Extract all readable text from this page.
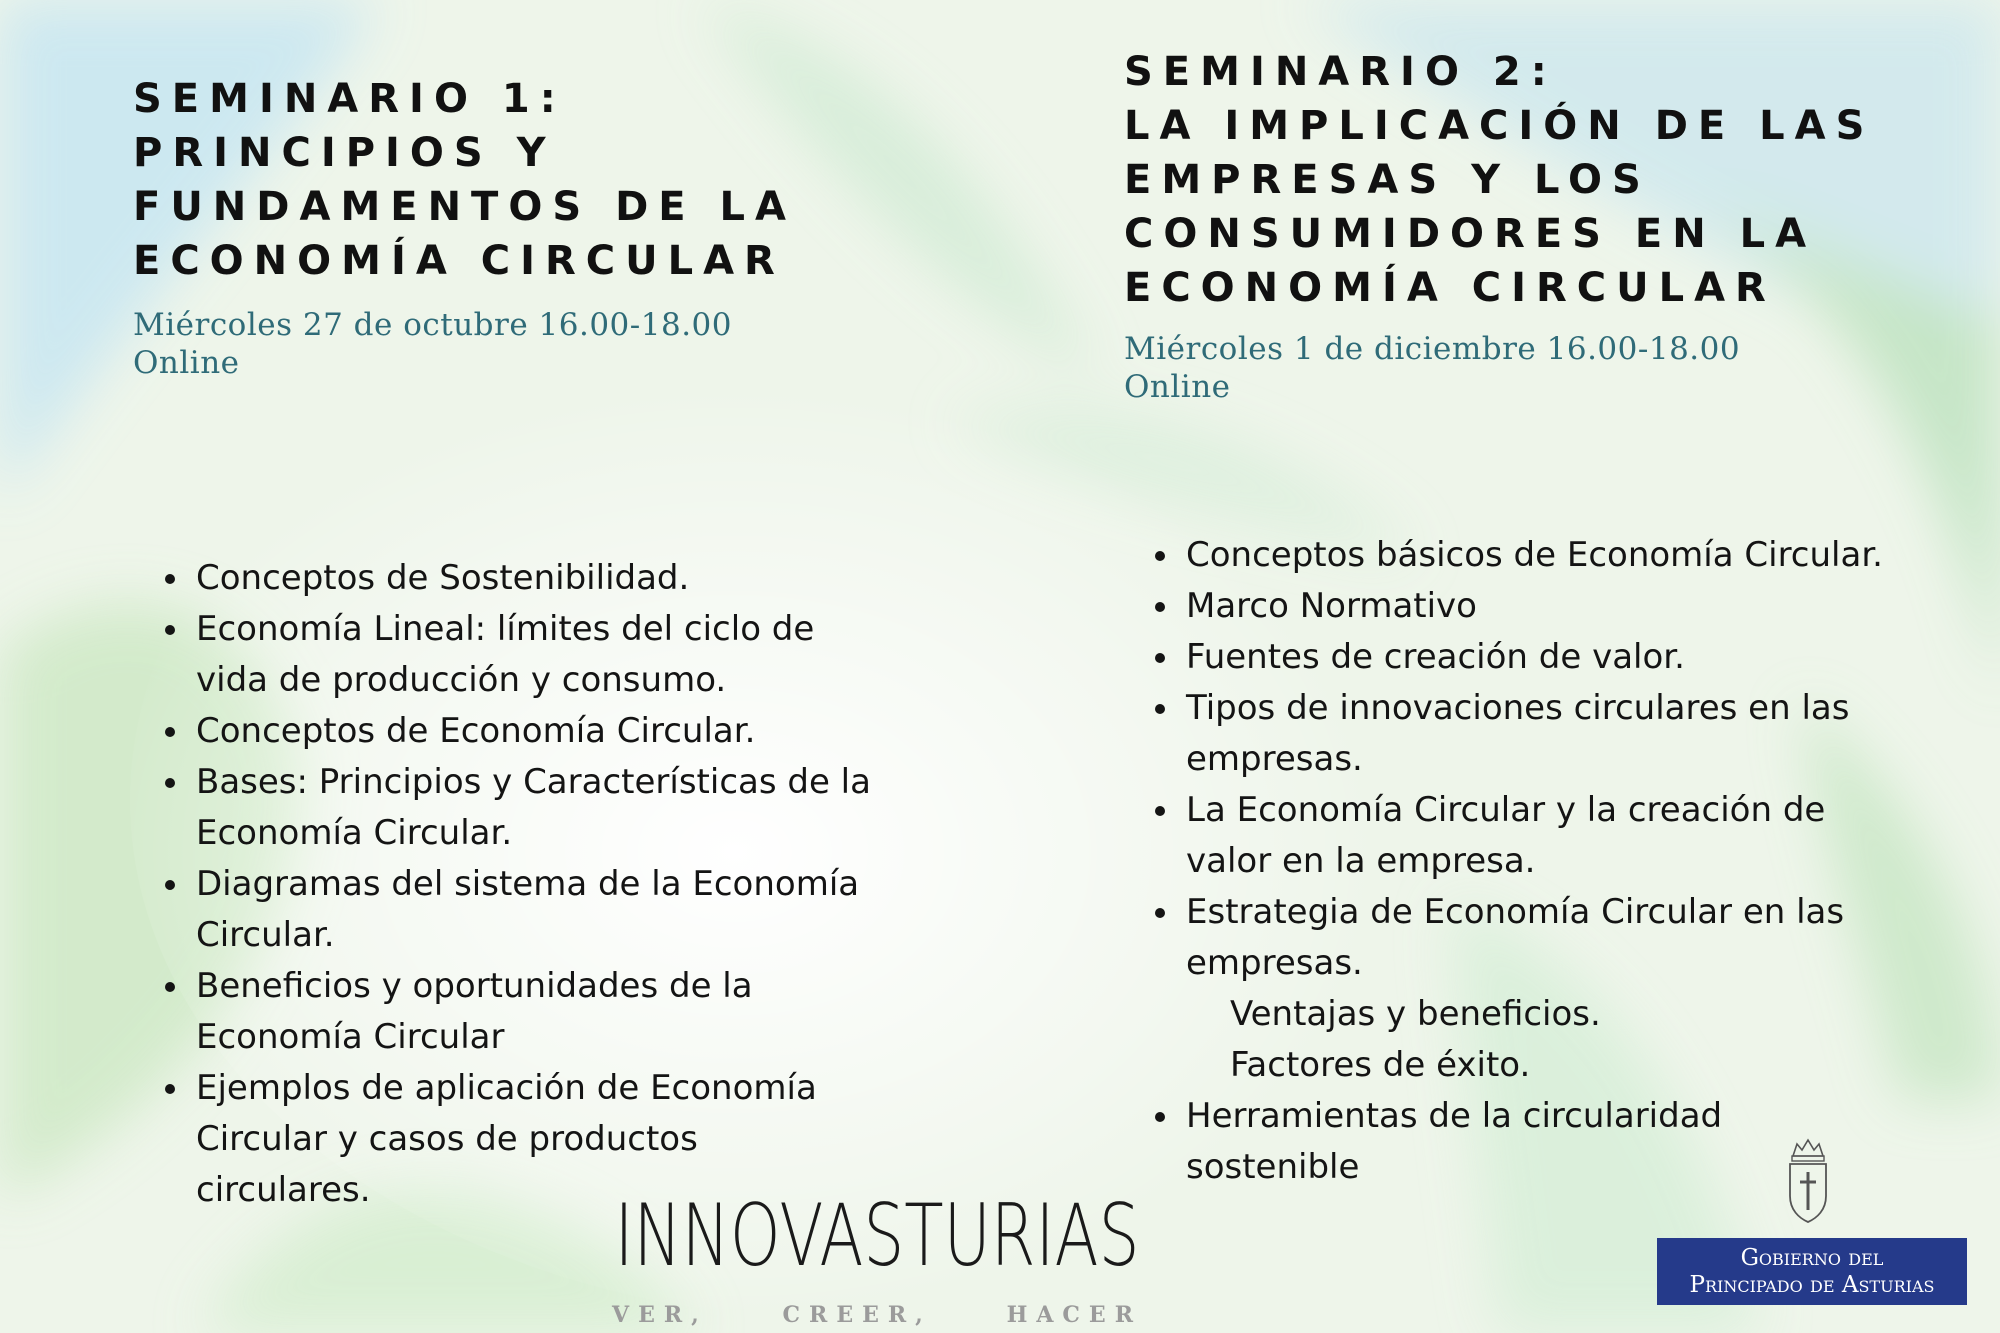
SEMINARIO 1:
PRINCIPIOS Y
FUNDAMENTOS DE LA
ECONOMÍA CIRCULAR
Miércoles 27 de octubre 16.00-18.00
Online
SEMINARIO 2:
LA IMPLICACIÓN DE LAS
EMPRESAS Y LOS
CONSUMIDORES EN LA
ECONOMÍA CIRCULAR
Miércoles 1 de diciembre 16.00-18.00
Online
Conceptos de Sostenibilidad.
Economía Lineal: límites del ciclo de vida de producción y consumo.
Conceptos de Economía Circular.
Bases: Principios y Características de la Economía Circular.
Diagramas del sistema de la Economía Circular.
Beneficios y oportunidades de la Economía Circular
Ejemplos de aplicación de Economía Circular y casos de productos circulares.
Conceptos básicos de Economía Circular.
Marco Normativo
Fuentes de creación de valor.
Tipos de innovaciones circulares en las empresas.
La Economía Circular y la creación de valor en la empresa.
Estrategia de Economía Circular en las empresas.
Ventajas y beneficios.
Factores de éxito.
Herramientas de la circularidad sostenible
INNOVASTURIAS
VER,	CREER,	HACER
Gobierno del
Principado de Asturias
